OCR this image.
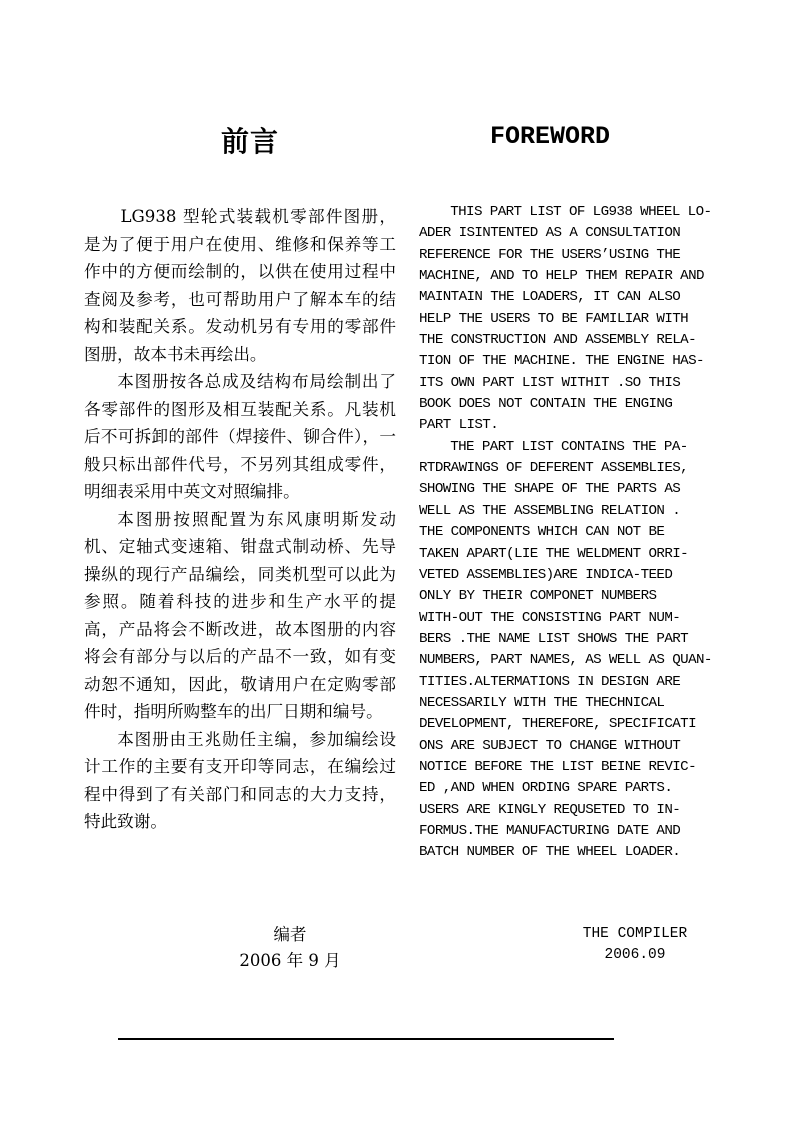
前言	FOREWORD

LG938 型轮式装载机零部件图册，是为了便于用户在使用、维修和保养等工作中的方便而绘制的，以供在使用过程中查阅及参考，也可帮助用户了解本车的结构和装配关系。发动机另有专用的零部件图册，故本书未再绘出。

本图册按各总成及结构布局绘制出了各零部件的图形及相互装配关系。凡装机后不可拆卸的部件（焊接件、铆合件），一般只标出部件代号，不另列其组成零件，明细表采用中英文对照编排。

本图册按照配置为东风康明斯发动机、定轴式变速箱、钳盘式制动桥、先导操纵的现行产品编绘，同类机型可以此为参照。随着科技的进步和生产水平的提高，产品将会不断改进，故本图册的内容将会有部分与以后的产品不一致，如有变动恕不通知，因此，敬请用户在定购零部件时，指明所购整车的出厂日期和编号。

本图册由王兆勋任主编，参加编绘设计工作的主要有支开印等同志，在编绘过程中得到了有关部门和同志的大力支持，特此致谢。

THIS PART LIST OF LG938 WHEEL LO-
ADER ISINTENTED AS A CONSULTATION
REFERENCE FOR THE USERS’USING THE
MACHINE, AND TO HELP THEM REPAIR AND
MAINTAIN THE LOADERS, IT CAN ALSO
HELP THE USERS TO BE FAMILIAR WITH
THE CONSTRUCTION AND ASSEMBLY RELA-
TION OF THE MACHINE. THE ENGINE HAS-
ITS OWN PART LIST WITHIT .SO THIS
BOOK DOES NOT CONTAIN THE ENGING
PART LIST.

THE PART LIST CONTAINS THE PA-
RTDRAWINGS OF DEFERENT ASSEMBLIES,
SHOWING THE SHAPE OF THE PARTS AS
WELL AS THE ASSEMBLING RELATION .
THE COMPONENTS WHICH CAN NOT BE
TAKEN APART(LIE THE WELDMENT ORRI-
VETED ASSEMBLIES)ARE INDICA-TEED
ONLY BY THEIR COMPONET NUMBERS
WITH-OUT THE CONSISTING PART NUM-
BERS .THE NAME LIST SHOWS THE PART
NUMBERS, PART NAMES, AS WELL AS QUAN-
TITIES.ALTERMATIONS IN DESIGN ARE
NECESSARILY WITH THE THECHNICAL
DEVELOPMENT, THEREFORE, SPECIFICATI
ONS ARE SUBJECT TO CHANGE WITHOUT
NOTICE BEFORE THE LIST BEINE REVIC-
ED ,AND WHEN ORDING SPARE PARTS.
USERS ARE KINGLY REQUSETED TO IN-
FORMUS.THE MANUFACTURING DATE AND
BATCH NUMBER OF THE WHEEL LOADER.

编者
2006 年 9 月
THE COMPILER
2006.09
